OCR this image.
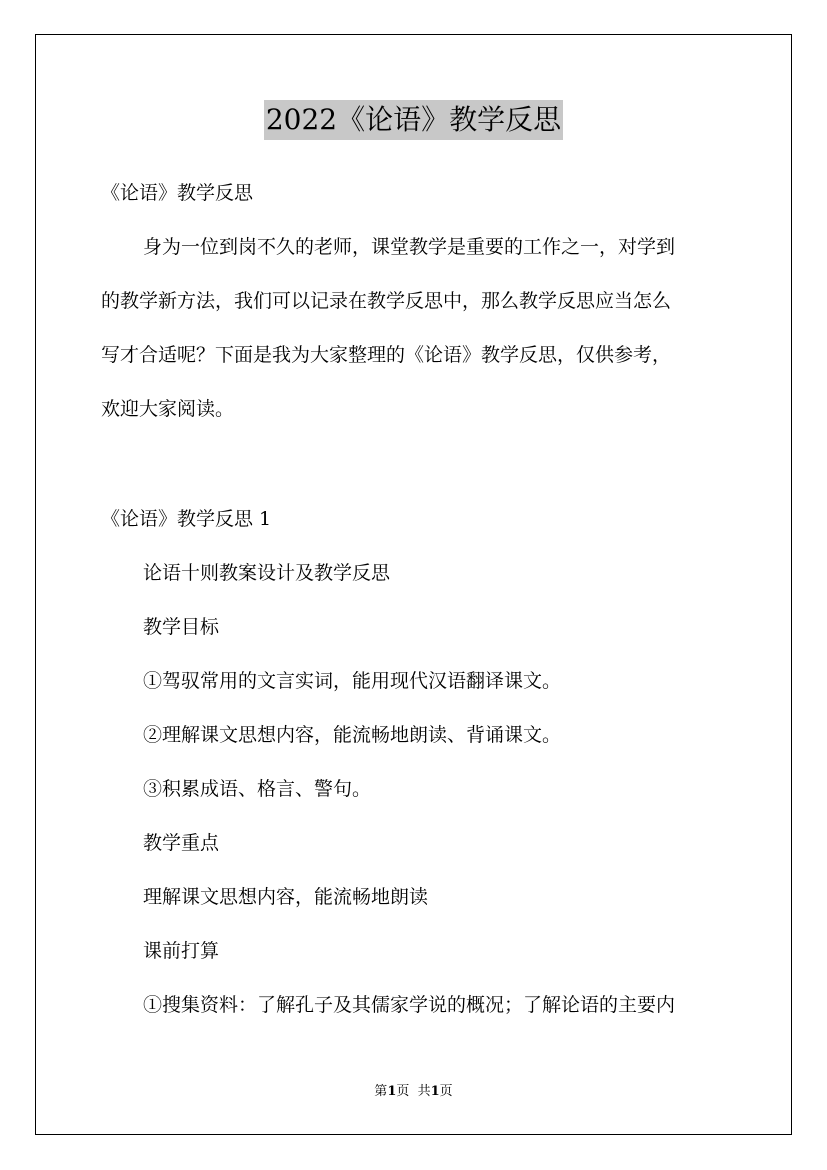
2022《论语》教学反思
《论语》教学反思
身为一位到岗不久的老师，课堂教学是重要的工作之一，对学到
的教学新方法，我们可以记录在教学反思中，那么教学反思应当怎么
写才合适呢？下面是我为大家整理的《论语》教学反思，仅供参考，
欢迎大家阅读。
《论语》教学反思 1
论语十则教案设计及教学反思
教学目标
①驾驭常用的文言实词，能用现代汉语翻译课文。
②理解课文思想内容，能流畅地朗读、背诵课文。
③积累成语、格言、警句。
教学重点
理解课文思想内容，能流畅地朗读
课前打算
①搜集资料：了解孔子及其儒家学说的概况；了解论语的主要内
第1页  共1页
